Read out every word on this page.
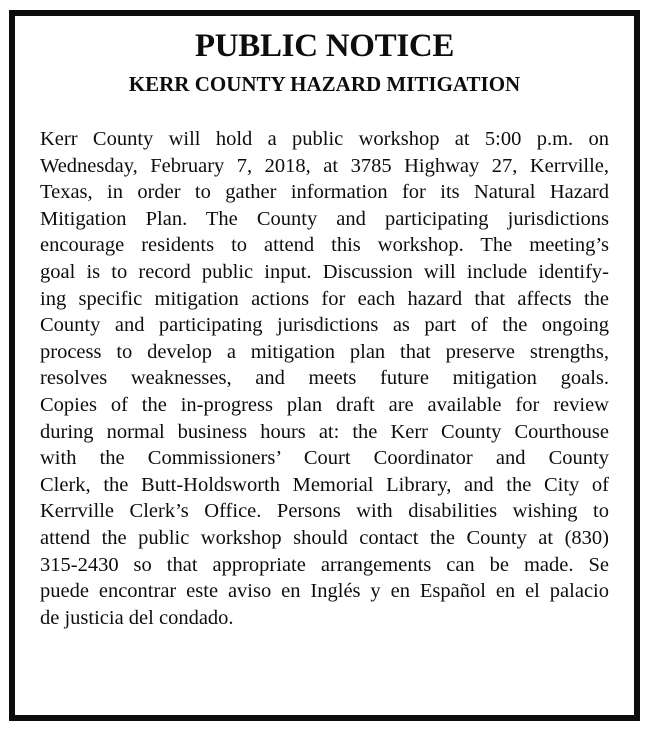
PUBLIC NOTICE
KERR COUNTY HAZARD MITIGATION
Kerr County will hold a public workshop at 5:00 p.m. on
Wednesday, February 7, 2018, at 3785 Highway 27, Kerrville,
Texas, in order to gather information for its Natural Hazard
Mitigation Plan. The County and participating jurisdictions
encourage residents to attend this workshop. The meeting’s
goal is to record public input. Discussion will include identify-
ing specific mitigation actions for each hazard that affects the
County and participating jurisdictions as part of the ongoing
process to develop a mitigation plan that preserve strengths,
resolves weaknesses, and meets future mitigation goals.
Copies of the in-progress plan draft are available for review
during normal business hours at: the Kerr County Courthouse
with the Commissioners’ Court Coordinator and County
Clerk, the Butt-Holdsworth Memorial Library, and the City of
Kerrville Clerk’s Office. Persons with disabilities wishing to
attend the public workshop should contact the County at (830)
315-2430 so that appropriate arrangements can be made. Se
puede encontrar este aviso en Inglés y en Español en el palacio
de justicia del condado.
